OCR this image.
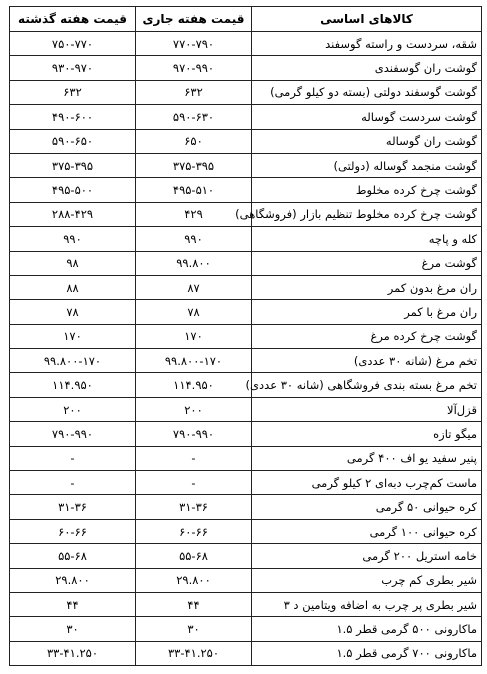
کالاهای اساسی	قیمت هفته جاری	قیمت هفته گذشته
شقه، سردست و راسته گوسفند	۷۷۰-۷۹۰	۷۵۰-۷۷۰
گوشت ران گوسفندی	۹۷۰-۹۹۰	۹۳۰-۹۷۰
گوشت گوسفند دولتی (بسته دو کیلو گرمی)	۶۳۲	۶۳۲
گوشت سردست گوساله	۵۹۰-۶۳۰	۴۹۰-۶۰۰
گوشت ران گوساله	۶۵۰	۵۹۰-۶۵۰
گوشت منجمد گوساله (دولتی)	۳۷۵-۳۹۵	۳۷۵-۳۹۵
گوشت چرخ کرده مخلوط	۴۹۵-۵۱۰	۴۹۵-۵۰۰
گوشت چرخ کرده مخلوط تنظیم بازار (فروشگاهی)	۴۲۹	۲۸۸-۴۲۹
کله و پاچه	۹۹۰	۹۹۰
گوشت مرغ	۹۹.۸۰۰	۹۸
ران مرغ بدون کمر	۸۷	۸۸
ران مرغ با کمر	۷۸	۷۸
گوشت چرخ کرده مرغ	۱۷۰	۱۷۰
تخم مرغ (شانه ۳۰ عددی)	۹۹.۸۰۰-۱۷۰	۹۹.۸۰۰-۱۷۰
تخم مرغ بسته بندی فروشگاهی (شانه ۳۰ عددی)	۱۱۴.۹۵۰	۱۱۴.۹۵۰
قزل‌آلا	۲۰۰	۲۰۰
میگو تازه	۷۹۰-۹۹۰	۷۹۰-۹۹۰
پنیر سفید یو اف ۴۰۰ گرمی	-	-
ماست کم‌چرب دبه‌ای ۲ کیلو گرمی	-	-
کره حیوانی ۵۰ گرمی	۳۱-۳۶	۳۱-۳۶
کره حیوانی ۱۰۰ گرمی	۶۰-۶۶	۶۰-۶۶
خامه استریل ۲۰۰ گرمی	۵۵-۶۸	۵۵-۶۸
شیر بطری کم چرب	۲۹.۸۰۰	۲۹.۸۰۰
شیر بطری پر چرب به اضافه ویتامین د ۳	۴۴	۴۴
ماکارونی ۵۰۰ گرمی قطر ۱.۵	۳۰	۳۰
ماکارونی ۷۰۰ گرمی قطر ۱.۵	۳۳-۴۱.۲۵۰	۳۳-۴۱.۲۵۰
